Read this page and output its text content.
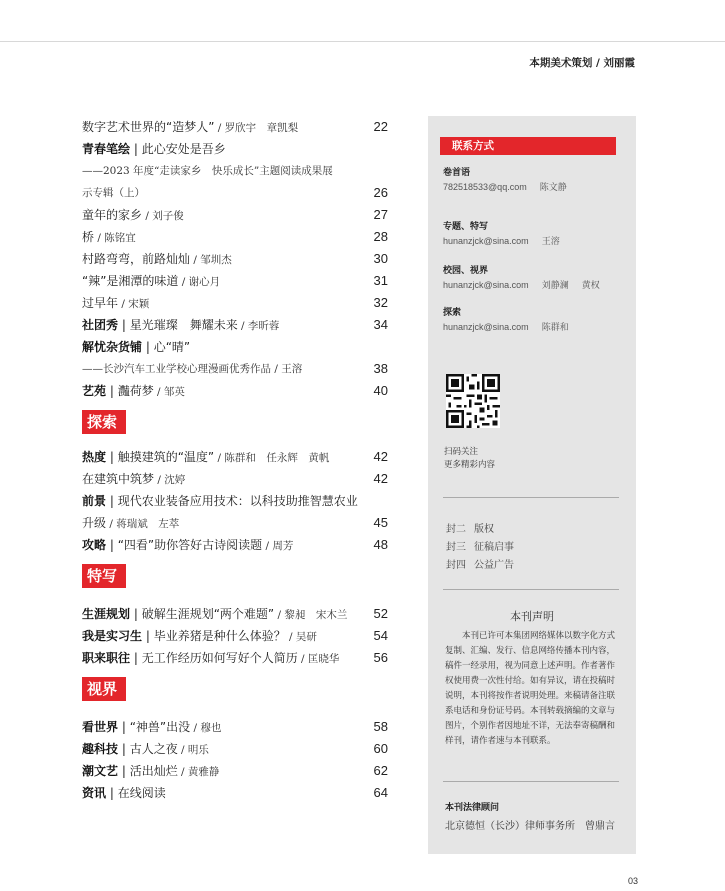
本期美术策划 / 刘丽霞
数字艺术世界的“造梦人” / 罗欣宇　章凯梨	22
青春笔绘 | 此心安处是吾乡
——2023 年度“走读家乡　快乐成长”主题阅读成果展
示专辑（上）	26
童年的家乡 / 刘子俊	27
桥 / 陈铭宜	28
村路弯弯，前路灿灿 / 邹圳杰	30
“辣”是湘潭的味道 / 谢心月	31
过早年 / 宋颖	32
社团秀 | 星光璀璨　舞耀未来 / 李昕蓉	34
解忧杂货铺 | 心“晴”
——长沙汽车工业学校心理漫画优秀作品 / 王溶	38
艺苑 | 灎荷梦 / 邹英	40
探索
热度 | 触摸建筑的“温度” / 陈群和　任永辉　黄帆	42
在建筑中筑梦 / 沈婷	42
前景 | 现代农业装备应用技术：以科技助推智慧农业
升级 / 蒋瑞斌　左萃	45
攻略 | “四看”助你答好古诗阅读题 / 周芳	48
特写
生涯规划 | 破解生涯规划“两个难题” / 黎昶　宋木兰 52
我是实习生 | 毕业养猪是种什么体验？ / 吴研	54
职来职往 | 无工作经历如何写好个人简历 / 匡晓华	56
视界
看世界 | “神兽”出没 / 穆也	58
趣科技 | 古人之夜 / 明乐	60
潮文艺 | 活出灿烂 / 黄雅静	62
资讯 | 在线阅读	64
联系方式
卷首语
782518533@qq.com 陈文静
专题、特写
hunanzjck@sina.com 王溶
校园、视界
hunanzjck@sina.com 刘静澜 黄权
探索
hunanzjck@sina.com 陈群和
扫码关注
更多精彩内容
封二 版权
封三 征稿启事
封四 公益广告
本刊声明
本刊已许可本集团网络媒体以数字化方式复制、汇编、发行、信息网络传播本刊内容，稿件一经录用，视为同意上述声明。作者著作权使用费一次性付给。如有异议，请在投稿时说明，本刊将按作者说明处理。来稿请备注联系电话和身份证号码。本刊转载摘编的文章与图片，个别作者因地址不详，无法奉寄稿酬和样刊，请作者速与本刊联系。
本刊法律顾问
北京德恒（长沙）律师事务所 曾鼎言
03
